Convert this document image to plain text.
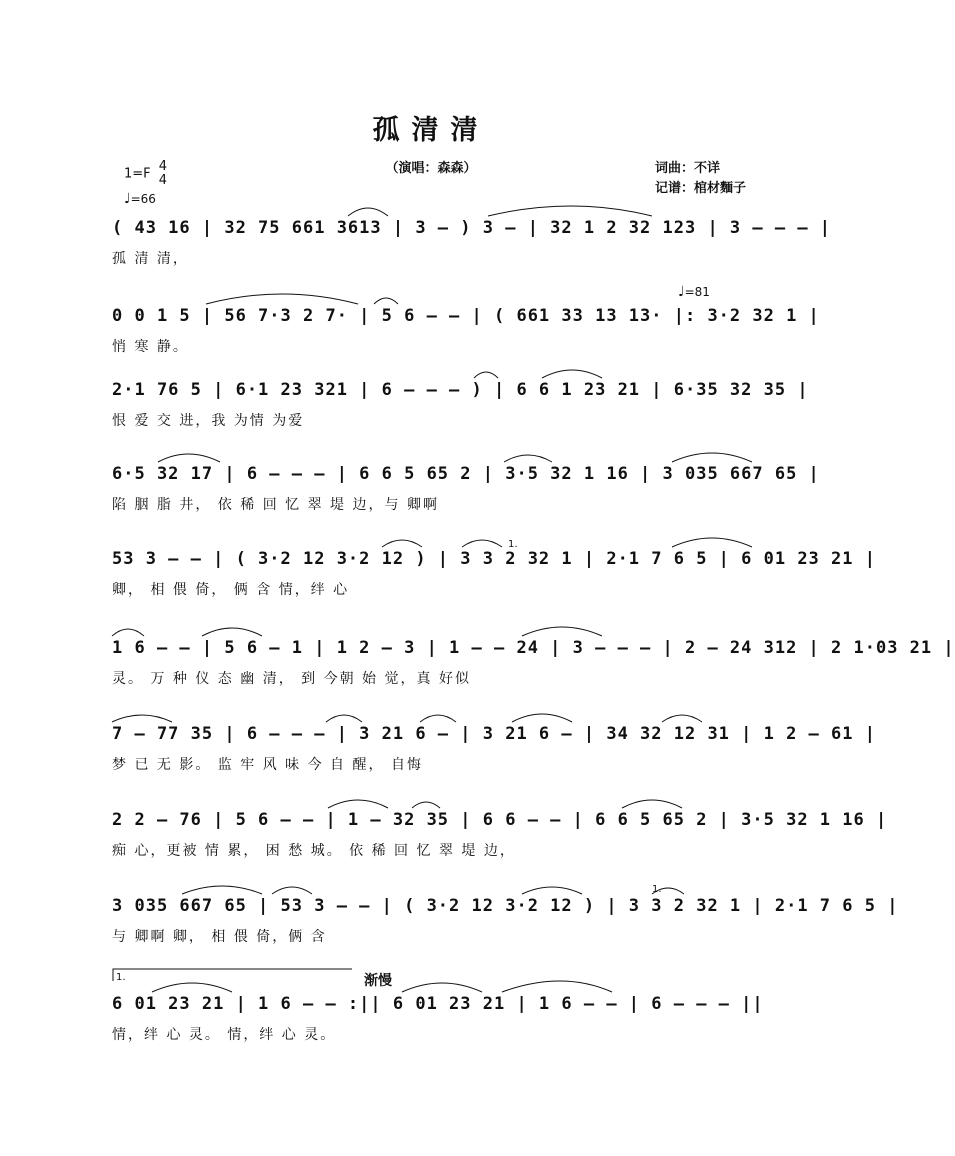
孤清清
（演唱：森森）	词曲：不详
记谱：棺材麵子
1=F 4
4
♩=66
♩=81
( 43 16 | 32 75 661 3613 | 3 – ) 3 – | 32 1 2 32 123 | 3 – – – |
孤 清 清，
0 0 1 5 | 56 7·3 2 7· | 5 6 – – | ( 661 33 13 13· |: 3·2 32 1 |
悄 寒 静。
2·1 76 5 | 6·1 23 321 | 6 – – – ) | 6 6 1 23 21 | 6·35 32 35 |
恨 爱 交 进，我 为情 为爱
6·5 32 17 | 6 – – – | 6 6 5 65 2 | 3·5 32 1 16 | 3 035 667 65 |
陷 胭 脂 井， 依 稀 回 忆 翠 堤 边，与 卿啊
1.
53 3 – – | ( 3·2 12 3·2 12 ) | 3 3 2 32 1 | 2·1 7 6 5 | 6 01 23 21 |
卿， 相 偎 倚， 俩 含 情，绊 心
1 6 – – | 5 6 – 1 | 1 2 – 3 | 1 – – 24 | 3 – – – | 2 – 24 312 | 2 1·03 21 |
灵。 万 种 仪 态 幽 清， 到 今朝 始 觉，真 好似
7 – 77 35 | 6 – – – | 3 21 6 – | 3 21 6 – | 34 32 12 31 | 1 2 – 61 |
梦 已 无 影。 监 牢 风 味 今 自 醒， 自悔
2 2 – 76 | 5 6 – – | 1 – 32 35 | 6 6 – – | 6 6 5 65 2 | 3·5 32 1 16 |
痴 心，更被 情 累， 困 愁 城。 依 稀 回 忆 翠 堤 边，
1.
3 035 667 65 | 53 3 – – | ( 3·2 12 3·2 12 ) | 3 3 2 32 1 | 2·1 7 6 5 |
与 卿啊 卿， 相 偎 倚，俩 含
1.	渐慢
6 01 23 21 | 1 6 – – :|| 6 01 23 21 | 1 6 – – | 6 – – – ||
情，绊 心 灵。 情，绊 心 灵。
